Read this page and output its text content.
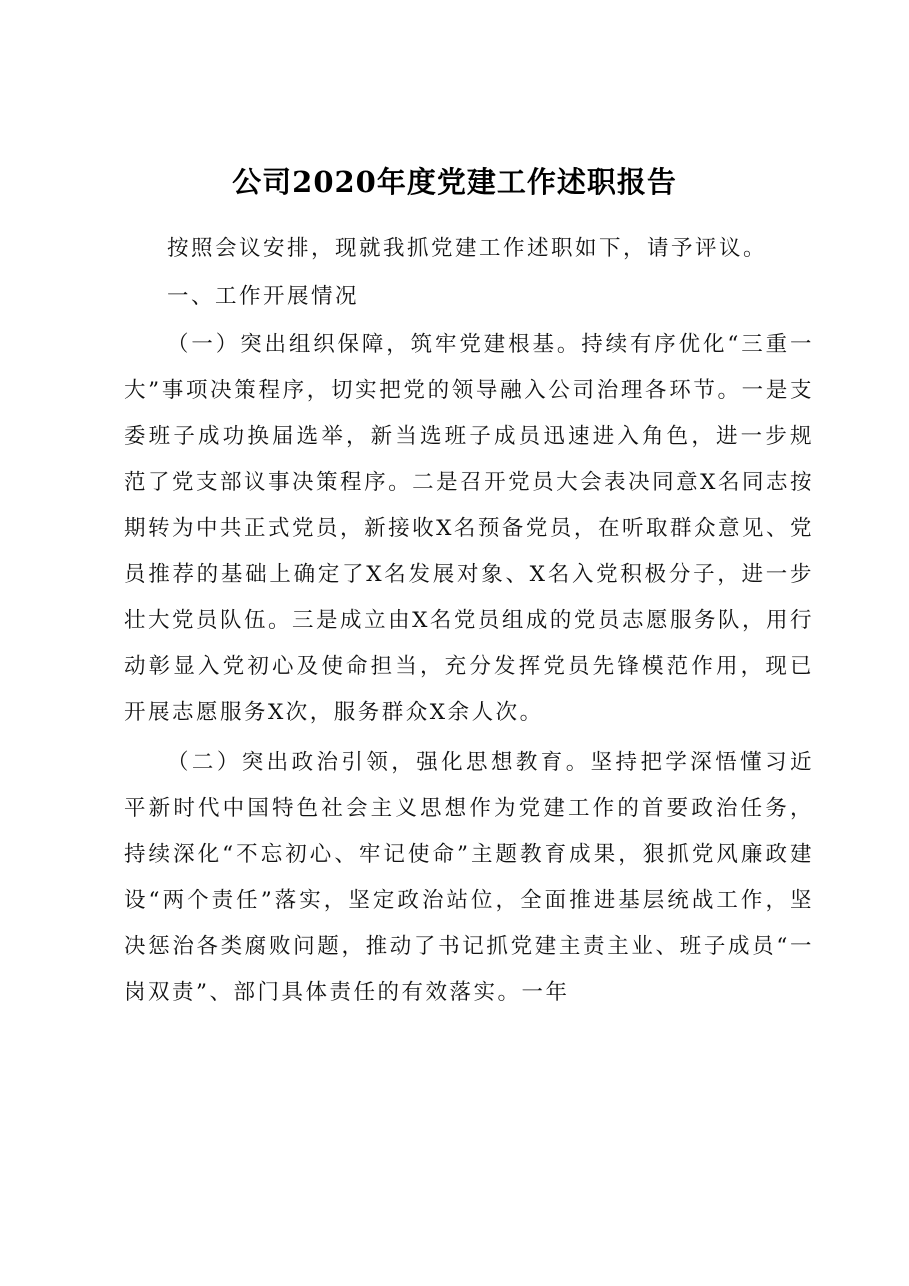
公司2020年度党建工作述职报告

按照会议安排，现就我抓党建工作述职如下，请予评议。

一、工作开展情况

（一）突出组织保障，筑牢党建根基。持续有序优化“三重一大”事项决策程序，切实把党的领导融入公司治理各环节。一是支委班子成功换届选举，新当选班子成员迅速进入角色，进一步规范了党支部议事决策程序。二是召开党员大会表决同意X名同志按期转为中共正式党员，新接收X名预备党员，在听取群众意见、党员推荐的基础上确定了X名发展对象、X名入党积极分子，进一步壮大党员队伍。三是成立由X名党员组成的党员志愿服务队，用行动彰显入党初心及使命担当，充分发挥党员先锋模范作用，现已开展志愿服务X次，服务群众X余人次。

（二）突出政治引领，强化思想教育。坚持把学深悟懂习近平新时代中国特色社会主义思想作为党建工作的首要政治任务，持续深化“不忘初心、牢记使命”主题教育成果，狠抓党风廉政建设“两个责任”落实，坚定政治站位，全面推进基层统战工作，坚决惩治各类腐败问题，推动了书记抓党建主责主业、班子成员“一岗双责”、部门具体责任的有效落实。一年
